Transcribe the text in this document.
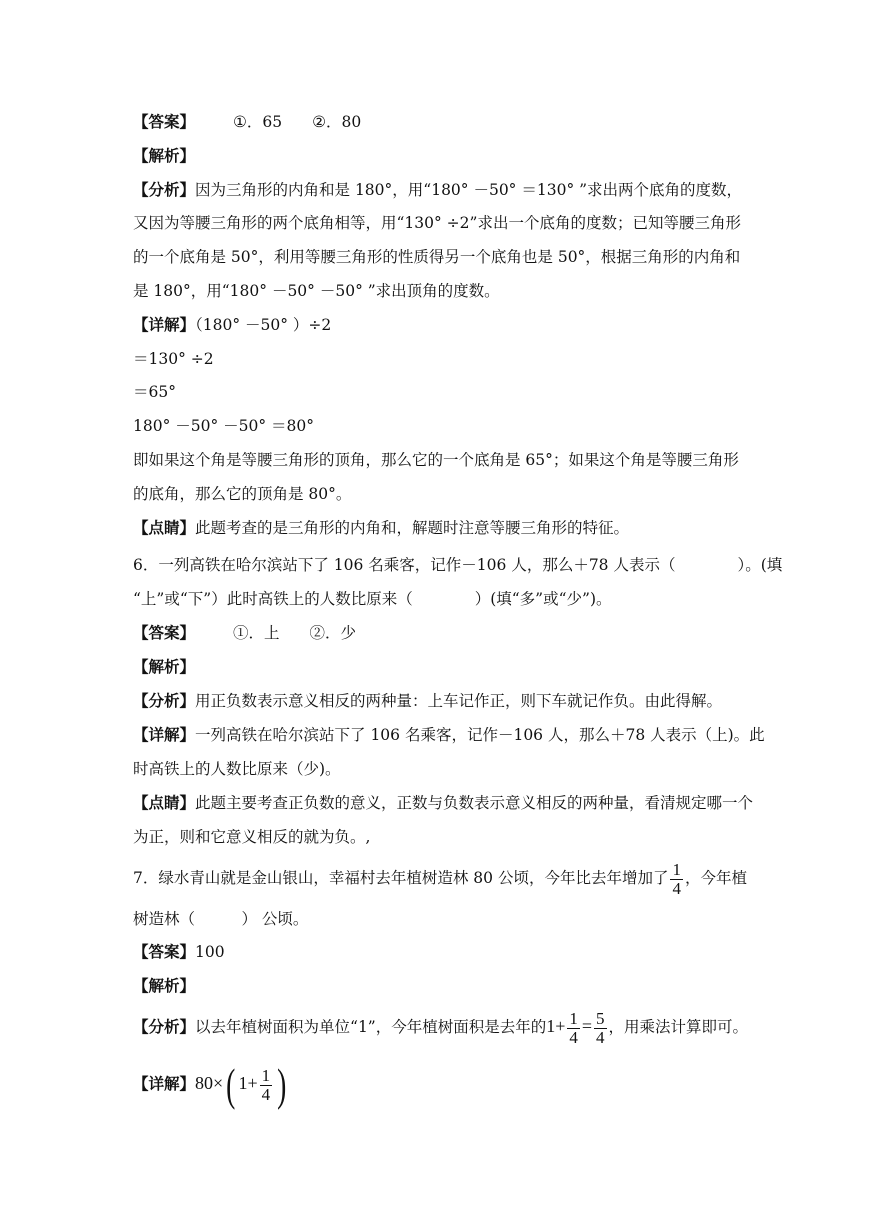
【答案】 ①．65 ②．80
【解析】
【分析】因为三角形的内角和是 180°，用“180° －50° ＝130° ”求出两个底角的度数，
又因为等腰三角形的两个底角相等，用“130° ÷2”求出一个底角的度数；已知等腰三角形
的一个底角是 50°，利用等腰三角形的性质得另一个底角也是 50°，根据三角形的内角和
是 180°，用“180° －50° －50° ”求出顶角的度数。
【详解】（180° －50° ）÷2
＝130° ÷2
＝65°
180° －50° －50° ＝80°
即如果这个角是等腰三角形的顶角，那么它的一个底角是 65°；如果这个角是等腰三角形
的底角，那么它的顶角是 80°。
【点睛】此题考查的是三角形的内角和，解题时注意等腰三角形的特征。
6．一列高铁在哈尔滨站下了 106 名乘客，记作－106 人，那么＋78 人表示（　　　　）。(填
“上”或“下”）此时高铁上的人数比原来（　　　　）(填“多”或“少”)。
【答案】 ①．上 ②．少
【解析】
【分析】用正负数表示意义相反的两种量：上车记作正，则下车就记作负。由此得解。
【详解】一列高铁在哈尔滨站下了 106 名乘客，记作－106 人，那么＋78 人表示（上)。此
时高铁上的人数比原来（少)。
【点睛】此题主要考查正负数的意义，正数与负数表示意义相反的两种量，看清规定哪一个
为正，则和它意义相反的就为负。,
7．绿水青山就是金山银山，幸福村去年植树造林 80 公顷，今年比去年增加了 $\frac{1}{4}$ ，今年植
树造林（　　　） 公顷。
【答案】100
【解析】
【分析】以去年植树面积为单位“1”，今年植树面积是去年的$1+ \frac{1}{4} = \frac{5}{4}$ ，用乘法计算即可。
【详解】80×( $1+ \frac{1}{4}$ )
